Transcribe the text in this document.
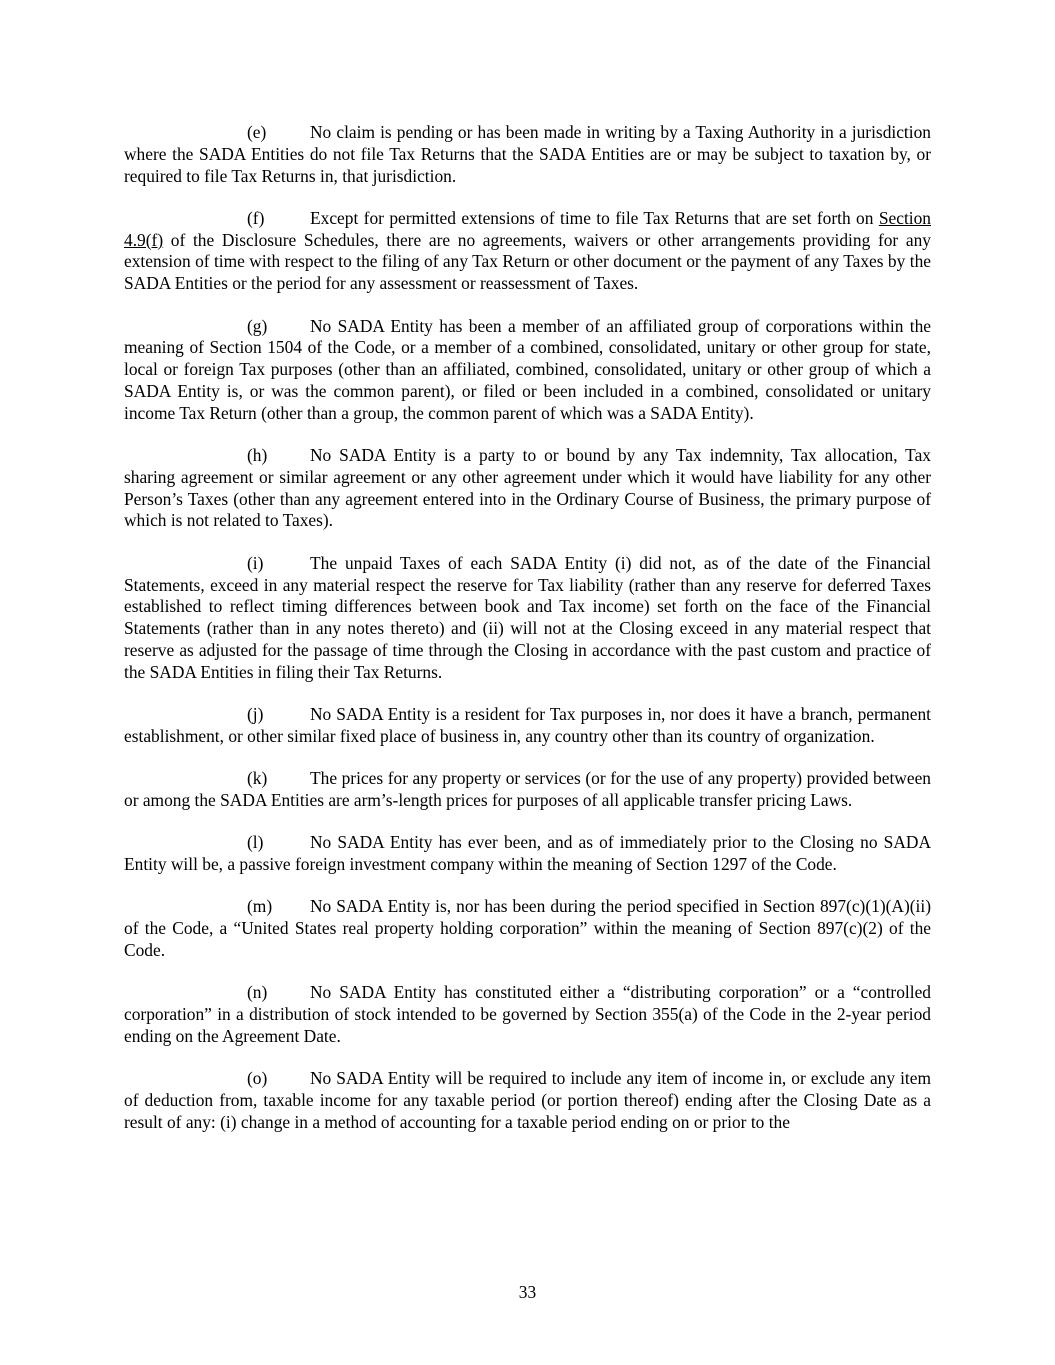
(e)	No claim is pending or has been made in writing by a Taxing Authority in a jurisdiction where the SADA Entities do not file Tax Returns that the SADA Entities are or may be subject to taxation by, or required to file Tax Returns in, that jurisdiction.

(f)	Except for permitted extensions of time to file Tax Returns that are set forth on Section 4.9(f) of the Disclosure Schedules, there are no agreements, waivers or other arrangements providing for any extension of time with respect to the filing of any Tax Return or other document or the payment of any Taxes by the SADA Entities or the period for any assessment or reassessment of Taxes.

(g) No SADA Entity has been a member of an affiliated group of corporations within the meaning of Section 1504 of the Code, or a member of a combined, consolidated, unitary or other group for state, local or foreign Tax purposes (other than an affiliated, combined, consolidated, unitary or other group of which a SADA Entity is, or was the common parent), or filed or been included in a combined, consolidated or unitary income Tax Return (other than a group, the common parent of which was a SADA Entity).

(h) No SADA Entity is a party to or bound by any Tax indemnity, Tax allocation, Tax sharing agreement or similar agreement or any other agreement under which it would have liability for any other Person’s Taxes (other than any agreement entered into in the Ordinary Course of Business, the primary purpose of which is not related to Taxes).

(i)	The unpaid Taxes of each SADA Entity (i) did not, as of the date of the Financial Statements, exceed in any material respect the reserve for Tax liability (rather than any reserve for deferred Taxes established to reflect timing differences between book and Tax income) set forth on the face of the Financial Statements (rather than in any notes thereto) and (ii) will not at the Closing exceed in any material respect that reserve as adjusted for the passage of time through the Closing in accordance with the past custom and practice of the SADA Entities in filing their Tax Returns.

(j)	No SADA Entity is a resident for Tax purposes in, nor does it have a branch, permanent establishment, or other similar fixed place of business in, any country other than its country of organization.

(k) The prices for any property or services (or for the use of any property) provided between or among the SADA Entities are arm’s-length prices for purposes of all applicable transfer pricing Laws.

(l)	No SADA Entity has ever been, and as of immediately prior to the Closing no SADA Entity will be, a passive foreign investment company within the meaning of Section 1297 of the Code.

(m) No SADA Entity is, nor has been during the period specified in Section 897(c)(1)(A)(ii) of the Code, a “United States real property holding corporation” within the meaning of Section 897(c)(2) of the Code.

(n) No SADA Entity has constituted either a “distributing corporation” or a “controlled corporation” in a distribution of stock intended to be governed by Section 355(a) of the Code in the 2-year period ending on the Agreement Date.

(o) No SADA Entity will be required to include any item of income in, or exclude any item of deduction from, taxable income for any taxable period (or portion thereof) ending after the Closing Date as a result of any: (i) change in a method of accounting for a taxable period ending on or prior to the

33
